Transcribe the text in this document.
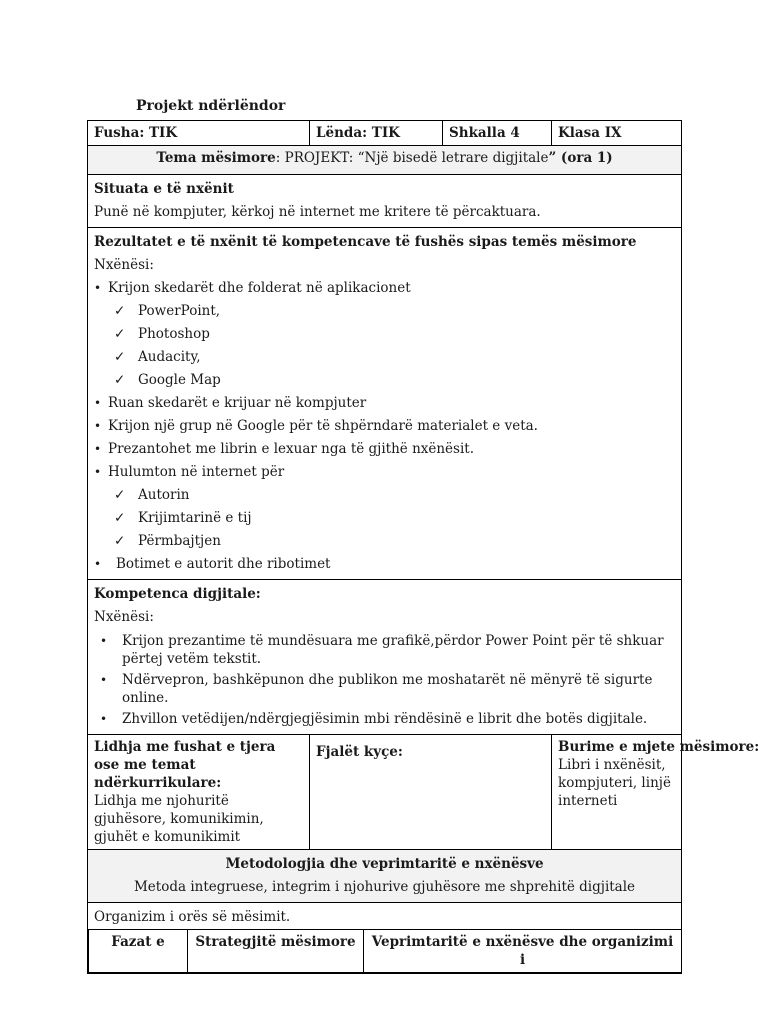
Projekt ndërlëndor
Fusha: TIK	Lënda: TIK	Shkalla 4	Klasa IX
Tema mësimore: PROJEKT: “Një bisedë letrare digjitale” (ora 1)

Situata e të nxënit
Punë në kompjuter, kërkoj në internet me kritere të përcaktuara.

Rezultatet e të nxënit të kompetencave të fushës sipas temës mësimore
Nxënësi:
• Krijon skedarët dhe folderat në aplikacionet
✓ PowerPoint,
✓ Photoshop
✓ Audacity,
✓ Google Map
• Ruan skedarët e krijuar në kompjuter
• Krijon një grup në Google për të shpërndarë materialet e veta.
• Prezantohet me librin e lexuar nga të gjithë nxënësit.
• Hulumton në internet për
✓ Autorin
✓ Krijimtarinë e tij
✓ Përmbajtjen
•	Botimet e autorit dhe ribotimet

Kompetenca digjitale:
Nxënësi:
•	Krijon prezantime të mundësuara me grafikë,përdor Power Point për të shkuar përtej vetëm tekstit.
•	Ndërvepron, bashkëpunon dhe publikon me moshatarët në mënyrë të sigurte online.
•	Zhvillon vetëdijen/ndërgjegjësimin mbi rëndësinë e librit dhe botës digjitale.

Lidhja me fushat e tjera ose me temat ndërkurrikulare:
Lidhja me njohuritë gjuhësore, komunikimin, gjuhët e komunikimit

Fjalët kyçe:	Burime e mjete mësimore:
Libri i nxënësit, kompjuteri, linjë interneti

Metodologjia dhe veprimtaritë e nxënësve
Metoda integruese, integrim i njohurive gjuhësore me shprehitë digjitale

Organizim i orës së mësimit.
Fazat e	Strategjitë mësimore	Veprimtaritë e nxënësve dhe organizimi i
